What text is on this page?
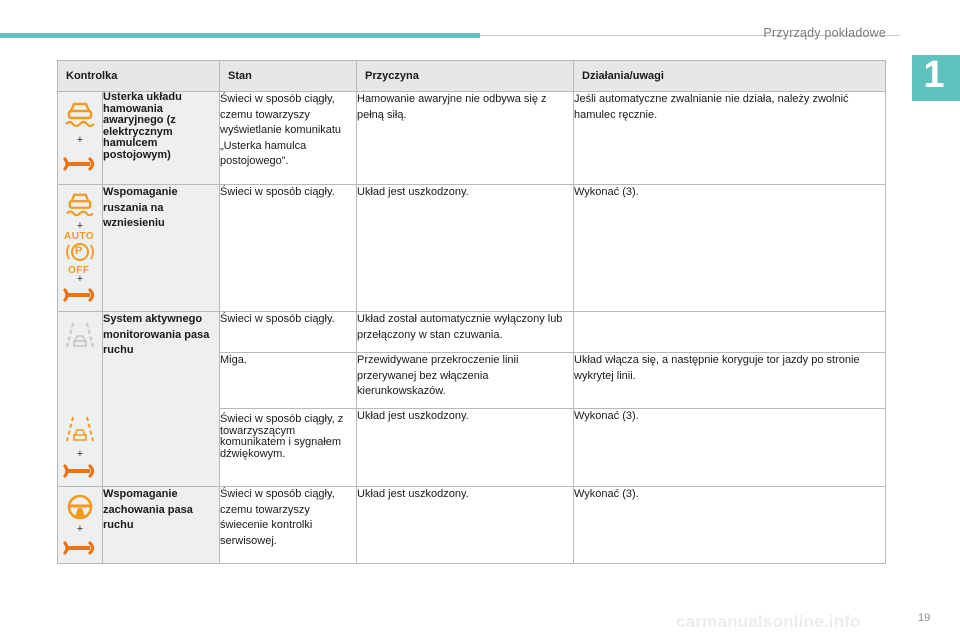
Przyrządy pokładowe
1
Kontrolka		Stan	Przyczyna	Działania/uwagi

+	Usterka układu hamowania awaryjnego (z elektrycznym hamulcem postojowym)	Świeci w sposób ciągły, czemu towarzyszy wyświetlanie komunikatu „Usterka hamulca postojowego”.	Hamowanie awaryjne nie odbywa się z pełną siłą.	Jeśli automatyczne zwalnianie nie działa, należy zwolnić hamulec ręcznie.

+
AUTO
P
OFF
+	Wspomaganie ruszania na wzniesieniu	Świeci w sposób ciągły.	Układ jest uszkodzony.	Wykonać (3).

	System aktywnego monitorowania pasa ruchu	Świeci w sposób ciągły.	Układ został automatycznie wyłączony lub przełączony w stan czuwania.	
		Miga.	Przewidywane przekroczenie linii przerywanej bez włączenia kierunkowskazów.	Układ włącza się, a następnie koryguje tor jazdy po stronie wykrytej linii.

+		Świeci w sposób ciągły, z towarzyszącym komunikatem i sygnałem dźwiękowym.	Układ jest uszkodzony.	Wykonać (3).

+	Wspomaganie zachowania pasa ruchu	Świeci w sposób ciągły, czemu towarzyszy świecenie kontrolki serwisowej.	Układ jest uszkodzony.	Wykonać (3).
19
carmanualsonline.info
